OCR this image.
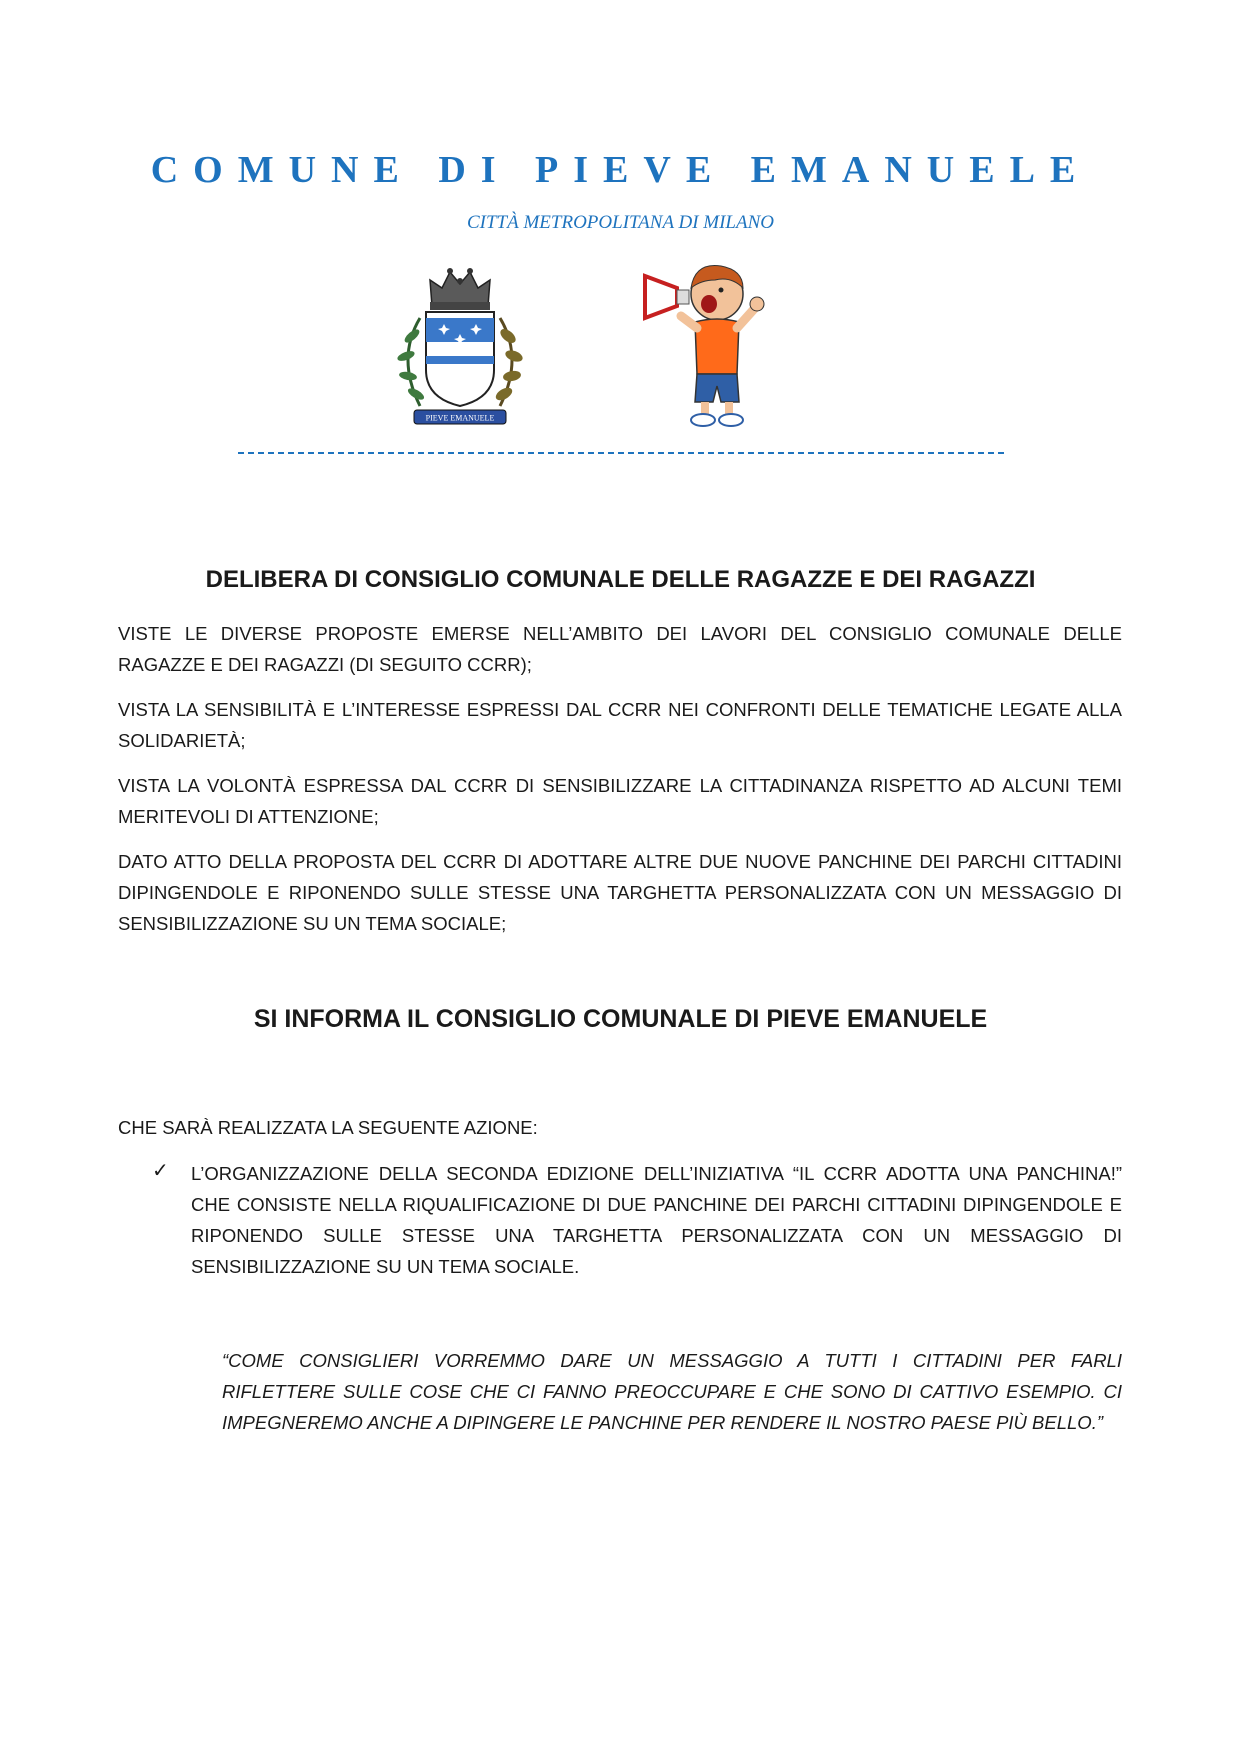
COMUNE DI PIEVE EMANUELE
CITTÀ METROPOLITANA DI MILANO
PIEVE EMANUELE
DELIBERA DI CONSIGLIO COMUNALE DELLE RAGAZZE E DEI RAGAZZI
VISTE LE DIVERSE PROPOSTE EMERSE NELL’AMBITO DEI LAVORI DEL CONSIGLIO COMUNALE DELLE RAGAZZE E DEI RAGAZZI (DI SEGUITO CCRR);
VISTA LA SENSIBILITÀ E L’INTERESSE ESPRESSI DAL CCRR NEI CONFRONTI DELLE TEMATICHE LEGATE ALLA SOLIDARIETÀ;
VISTA LA VOLONTÀ ESPRESSA DAL CCRR DI SENSIBILIZZARE LA CITTADINANZA RISPETTO AD ALCUNI TEMI MERITEVOLI DI ATTENZIONE;
DATO ATTO DELLA PROPOSTA DEL CCRR DI ADOTTARE ALTRE DUE NUOVE PANCHINE DEI PARCHI CITTADINI DIPINGENDOLE E RIPONENDO SULLE STESSE UNA TARGHETTA PERSONALIZZATA CON UN MESSAGGIO DI SENSIBILIZZAZIONE SU UN TEMA SOCIALE;
SI INFORMA IL CONSIGLIO COMUNALE DI PIEVE EMANUELE
CHE SARÀ REALIZZATA LA SEGUENTE AZIONE:
✓ L’ORGANIZZAZIONE DELLA SECONDA EDIZIONE DELL’INIZIATIVA “IL CCRR ADOTTA UNA PANCHINA!” CHE CONSISTE NELLA RIQUALIFICAZIONE DI DUE PANCHINE DEI PARCHI CITTADINI DIPINGENDOLE E RIPONENDO SULLE STESSE UNA TARGHETTA PERSONALIZZATA CON UN MESSAGGIO DI SENSIBILIZZAZIONE SU UN TEMA SOCIALE.
“COME CONSIGLIERI VORREMMO DARE UN MESSAGGIO A TUTTI I CITTADINI PER FARLI RIFLETTERE SULLE COSE CHE CI FANNO PREOCCUPARE E CHE SONO DI CATTIVO ESEMPIO. CI IMPEGNEREMO ANCHE A DIPINGERE LE PANCHINE PER RENDERE IL NOSTRO PAESE PIÙ BELLO.”
